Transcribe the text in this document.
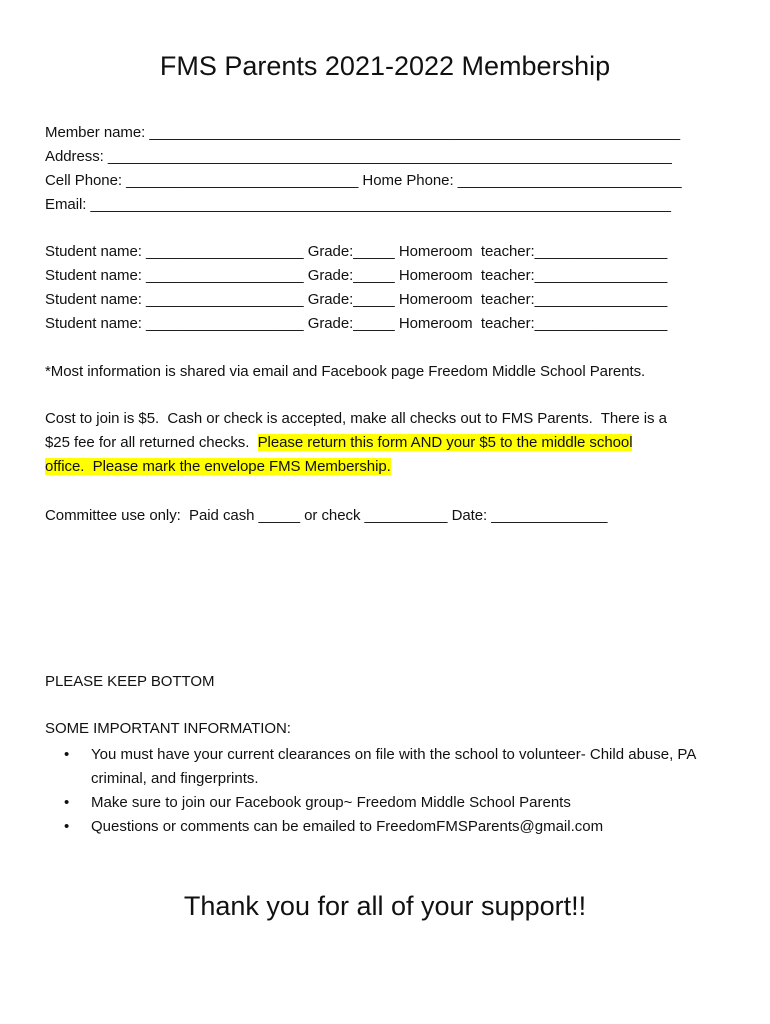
FMS Parents 2021-2022 Membership
Member name: ________________________________________________________________
Address: ____________________________________________________________________
Cell Phone: ____________________________ Home Phone: ___________________________
Email: ______________________________________________________________________
Student name: ___________________ Grade:_____ Homeroom  teacher:________________
Student name: ___________________ Grade:_____ Homeroom  teacher:________________
Student name: ___________________ Grade:_____ Homeroom  teacher:________________
Student name: ___________________ Grade:_____ Homeroom  teacher:________________
*Most information is shared via email and Facebook page Freedom Middle School Parents.
Cost to join is $5.  Cash or check is accepted, make all checks out to FMS Parents.  There is a
$25 fee for all returned checks.  Please return this form AND your $5 to the middle school
office.  Please mark the envelope FMS Membership.
Committee use only:  Paid cash _____ or check __________ Date: ______________
PLEASE KEEP BOTTOM
SOME IMPORTANT INFORMATION:
• You must have your current clearances on file with the school to volunteer- Child abuse, PA criminal, and fingerprints.
• Make sure to join our Facebook group~ Freedom Middle School Parents
• Questions or comments can be emailed to FreedomFMSParents@gmail.com
Thank you for all of your support!!
